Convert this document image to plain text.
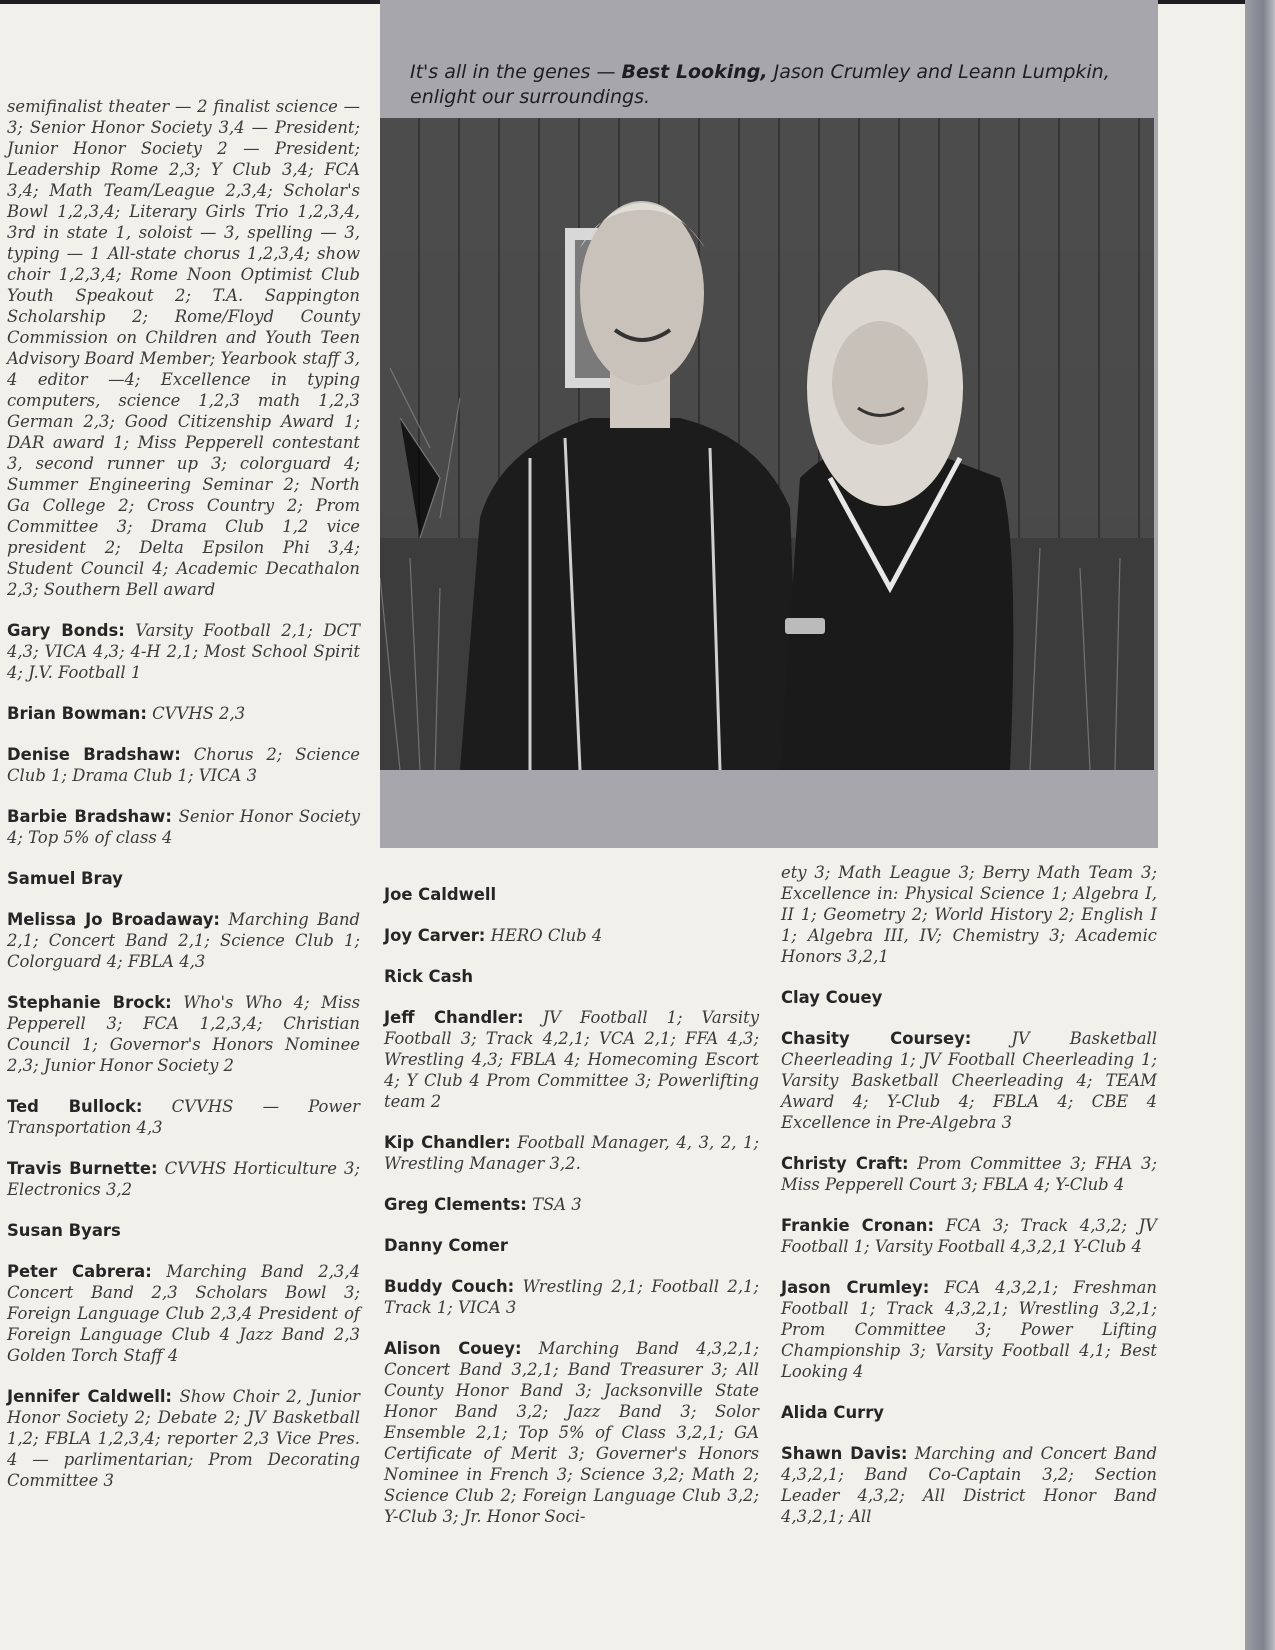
It's all in the genes — Best Looking, Jason Crumley and Leann Lumpkin, enlight our surroundings.

semifinalist theater — 2 finalist science — 3; Senior Honor Society 3,4 — President; Junior Honor Society 2 — President; Leadership Rome 2,3; Y Club 3,4; FCA 3,4; Math Team/League 2,3,4; Scholar's Bowl 1,2,3,4; Literary Girls Trio 1,2,3,4, 3rd in state 1, soloist — 3, spelling — 3, typing — 1 All-state chorus 1,2,3,4; show choir 1,2,3,4; Rome Noon Optimist Club Youth Speakout 2; T.A. Sappington Scholarship 2; Rome/Floyd County Commission on Children and Youth Teen Advisory Board Member; Yearbook staff 3, 4 editor —4; Excellence in typing computers, science 1,2,3 math 1,2,3 German 2,3; Good Citizenship Award 1; DAR award 1; Miss Pepperell contestant 3, second runner up 3; colorguard 4; Summer Engineering Seminar 2; North Ga College 2; Cross Country 2; Prom Committee 3; Drama Club 1,2 vice president 2; Delta Epsilon Phi 3,4; Student Council 4; Academic Decathalon 2,3; Southern Bell award

Gary Bonds: Varsity Football 2,1; DCT 4,3; VICA 4,3; 4-H 2,1; Most School Spirit 4; J.V. Football 1

Brian Bowman: CVVHS 2,3

Denise Bradshaw: Chorus 2; Science Club 1; Drama Club 1; VICA 3

Barbie Bradshaw: Senior Honor Society 4; Top 5% of class 4

Samuel Bray

Melissa Jo Broadaway: Marching Band 2,1; Concert Band 2,1; Science Club 1; Colorguard 4; FBLA 4,3

Stephanie Brock: Who's Who 4; Miss Pepperell 3; FCA 1,2,3,4; Christian Council 1; Governor's Honors Nominee 2,3; Junior Honor Society 2

Ted Bullock: CVVHS — Power Transportation 4,3

Travis Burnette: CVVHS Horticulture 3; Electronics 3,2

Susan Byars

Peter Cabrera: Marching Band 2,3,4 Concert Band 2,3 Scholars Bowl 3; Foreign Language Club 2,3,4 President of Foreign Language Club 4 Jazz Band 2,3 Golden Torch Staff 4

Jennifer Caldwell: Show Choir 2, Junior Honor Society 2; Debate 2; JV Basketball 1,2; FBLA 1,2,3,4; reporter 2,3 Vice Pres. 4 — parlimentarian; Prom Decorating Committee 3

Joe Caldwell

Joy Carver: HERO Club 4

Rick Cash

Jeff Chandler: JV Football 1; Varsity Football 3; Track 4,2,1; VCA 2,1; FFA 4,3; Wrestling 4,3; FBLA 4; Homecoming Escort 4; Y Club 4 Prom Committee 3; Powerlifting team 2

Kip Chandler: Football Manager, 4, 3, 2, 1; Wrestling Manager 3,2.

Greg Clements: TSA 3

Danny Comer

Buddy Couch: Wrestling 2,1; Football 2,1; Track 1; VICA 3

Alison Couey: Marching Band 4,3,2,1; Concert Band 3,2,1; Band Treasurer 3; All County Honor Band 3; Jacksonville State Honor Band 3,2; Jazz Band 3; Solor Ensemble 2,1; Top 5% of Class 3,2,1; GA Certificate of Merit 3; Governer's Honors Nominee in French 3; Science 3,2; Math 2; Science Club 2; Foreign Language Club 3,2; Y-Club 3; Jr. Honor Soci-

ety 3; Math League 3; Berry Math Team 3; Excellence in: Physical Science 1; Algebra I, II 1; Geometry 2; World History 2; English I 1; Algebra III, IV; Chemistry 3; Academic Honors 3,2,1

Clay Couey

Chasity Coursey: JV Basketball Cheerleading 1; JV Football Cheerleading 1; Varsity Basketball Cheerleading 4; TEAM Award 4; Y-Club 4; FBLA 4; CBE 4 Excellence in Pre-Algebra 3

Christy Craft: Prom Committee 3; FHA 3; Miss Pepperell Court 3; FBLA 4; Y-Club 4

Frankie Cronan: FCA 3; Track 4,3,2; JV Football 1; Varsity Football 4,3,2,1 Y-Club 4

Jason Crumley: FCA 4,3,2,1; Freshman Football 1; Track 4,3,2,1; Wrestling 3,2,1; Prom Committee 3; Power Lifting Championship 3; Varsity Football 4,1; Best Looking 4

Alida Curry

Shawn Davis: Marching and Concert Band 4,3,2,1; Band Co-Captain 3,2; Section Leader 4,3,2; All District Honor Band 4,3,2,1; All
